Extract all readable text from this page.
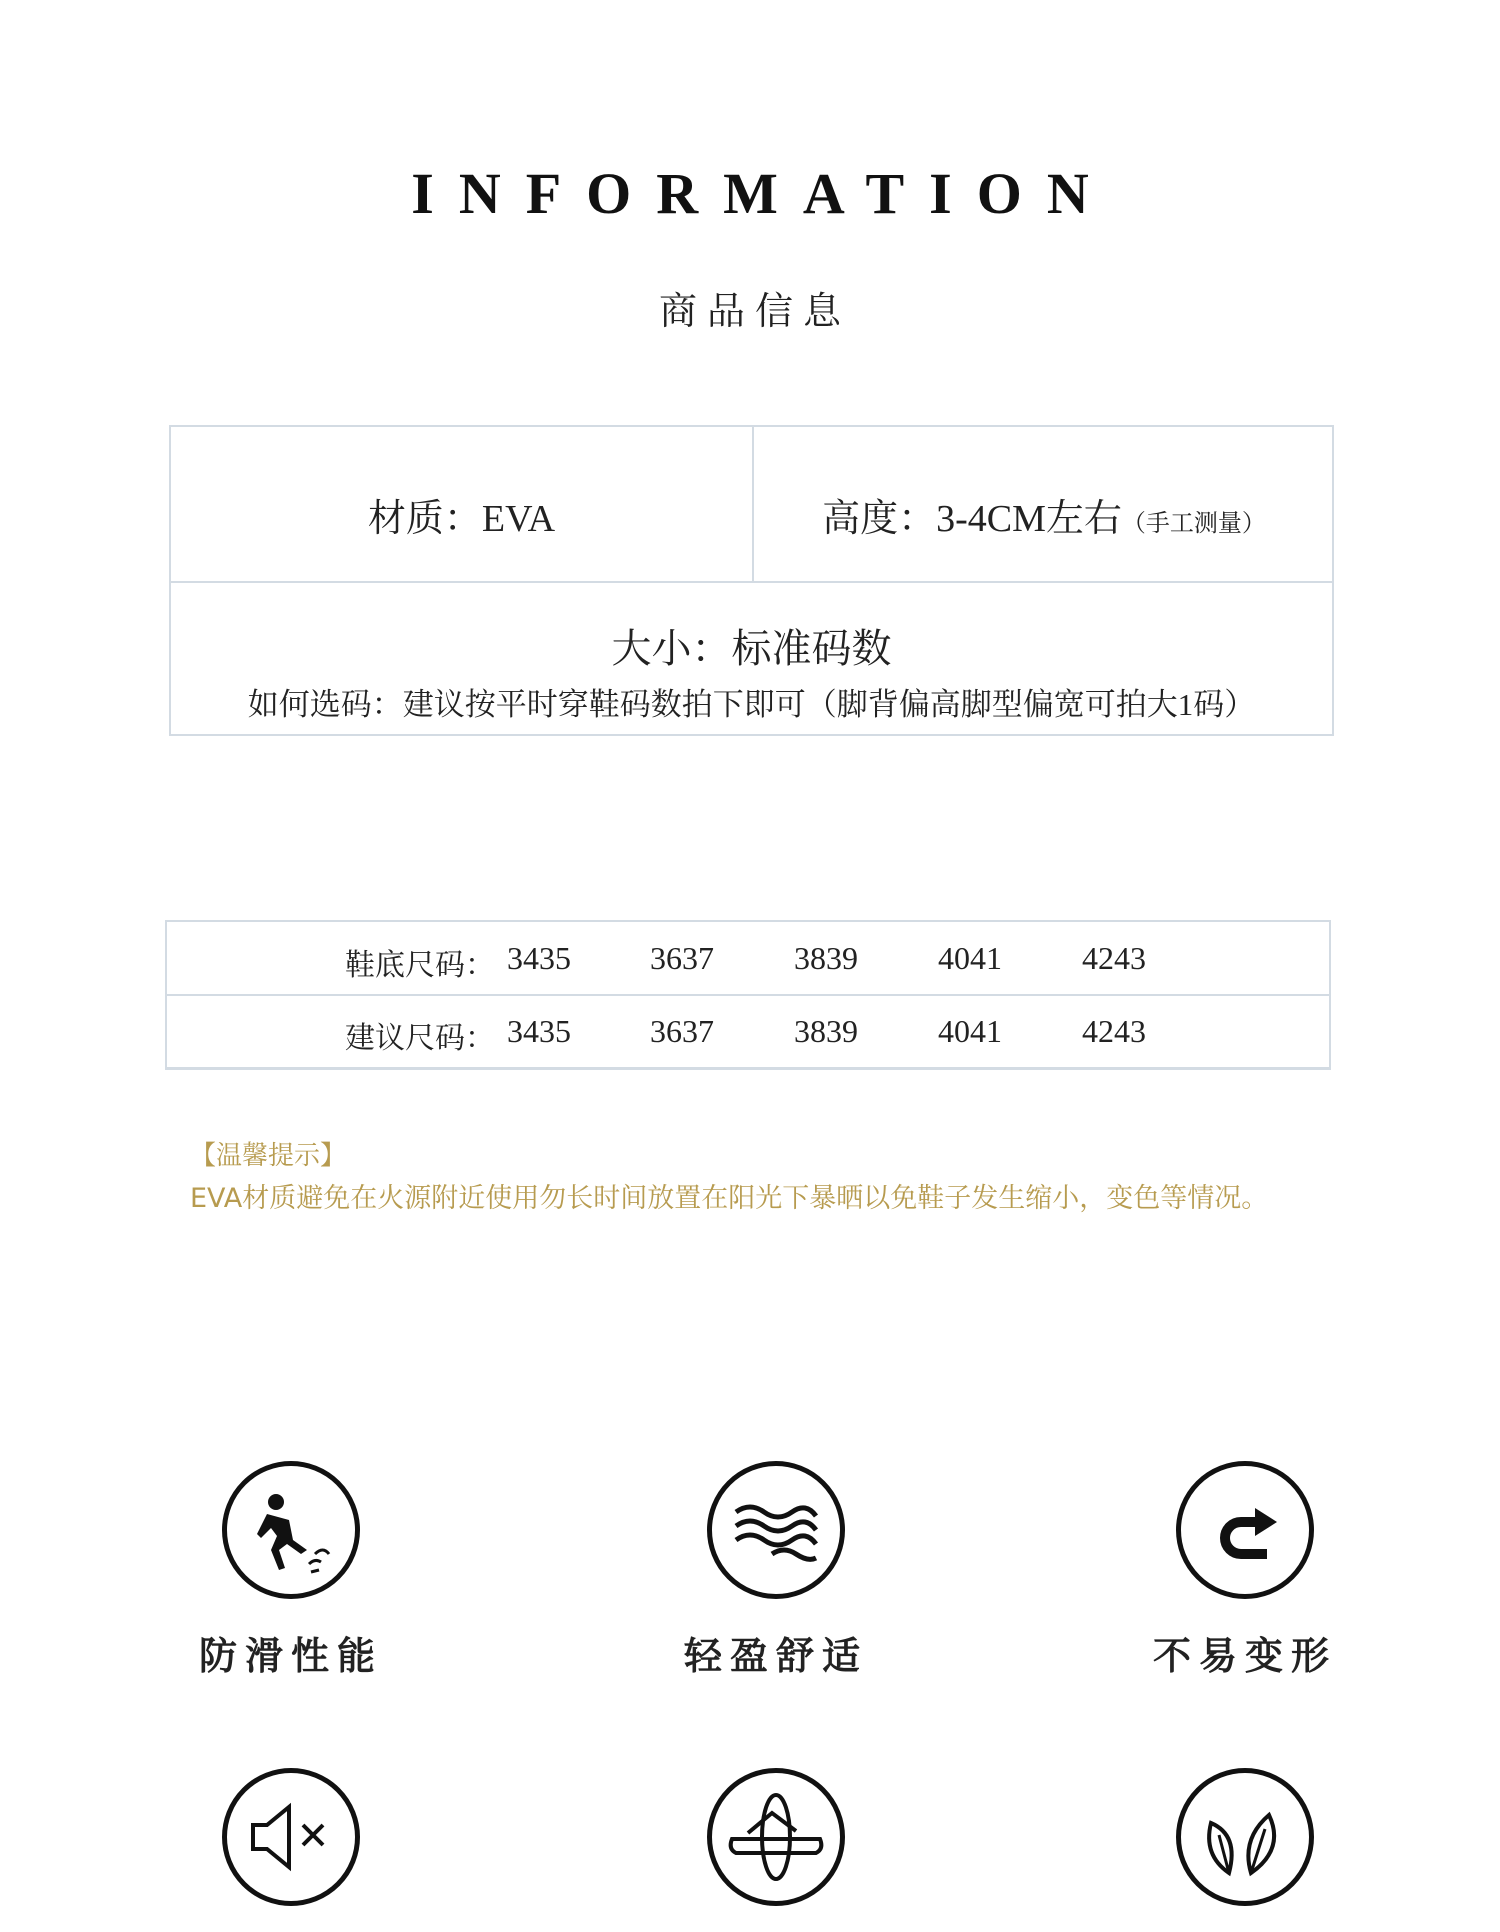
INFORMATION
商品信息
材质：EVA	高度：3-4CM左右（手工测量）
大小：标准码数
如何选码：建议按平时穿鞋码数拍下即可（脚背偏高脚型偏宽可拍大1码）
鞋底尺码： 3435 3637	3839	4041	4243
建议尺码： 3435 3637	3839	4041	4243
【温馨提示】
EVA材质避免在火源附近使用勿长时间放置在阳光下暴晒以免鞋子发生缩小，变色等情况。
防滑性能	轻盈舒适	不易变形
